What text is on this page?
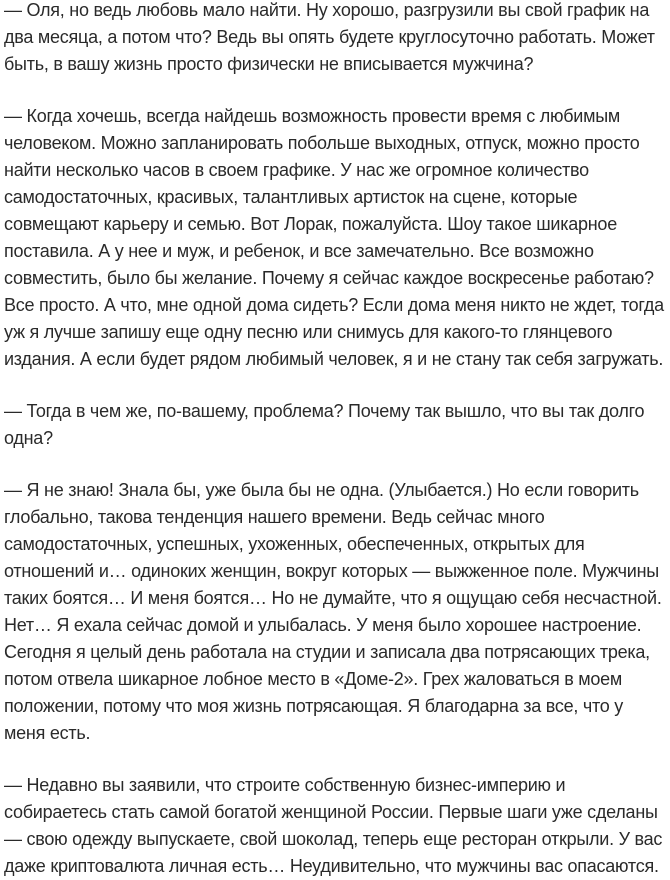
— Оля, но ведь любовь мало найти. Ну хорошо, разгрузили вы свой график на два месяца, а потом что? Ведь вы опять будете круглосуточно работать. Может быть, в вашу жизнь просто физически не вписывается мужчина?

— Когда хочешь, всегда найдешь возможность провести время с любимым человеком. Можно запланировать побольше выходных, отпуск, можно просто найти несколько часов в своем графике. У нас же огромное количество самодостаточных, красивых, талантливых артисток на сцене, которые совмещают карьеру и семью. Вот Лорак, пожалуйста. Шоу такое шикарное поставила. А у нее и муж, и ребенок, и все замечательно. Все возможно совместить, было бы желание. Почему я сейчас каждое воскресенье работаю? Все просто. А что, мне одной дома сидеть? Если дома меня никто не ждет, тогда уж я лучше запишу еще одну песню или снимусь для какого-то глянцевого издания. А если будет рядом любимый человек, я и не стану так себя загружать.

— Тогда в чем же, по-вашему, проблема? Почему так вышло, что вы так долго одна?

— Я не знаю! Знала бы, уже была бы не одна. (Улыбается.) Но если говорить глобально, такова тенденция нашего времени. Ведь сейчас много самодостаточных, успешных, ухоженных, обеспеченных, открытых для отношений и… одиноких женщин, вокруг которых — выжженное поле. Мужчины таких боятся… И меня боятся… Но не думайте, что я ощущаю себя несчастной. Нет… Я ехала сейчас домой и улыбалась. У меня было хорошее настроение. Сегодня я целый день работала на студии и записала два потрясающих трека, потом отвела шикарное лобное место в «Доме-2». Грех жаловаться в моем положении, потому что моя жизнь потрясающая. Я благодарна за все, что у меня есть.

— Недавно вы заявили, что строите собственную бизнес-империю и собираетесь стать самой богатой женщиной России. Первые шаги уже сделаны — свою одежду выпускаете, свой шоколад, теперь еще ресторан открыли. У вас даже криптовалюта личная есть… Неудивительно, что мужчины вас опасаются.
